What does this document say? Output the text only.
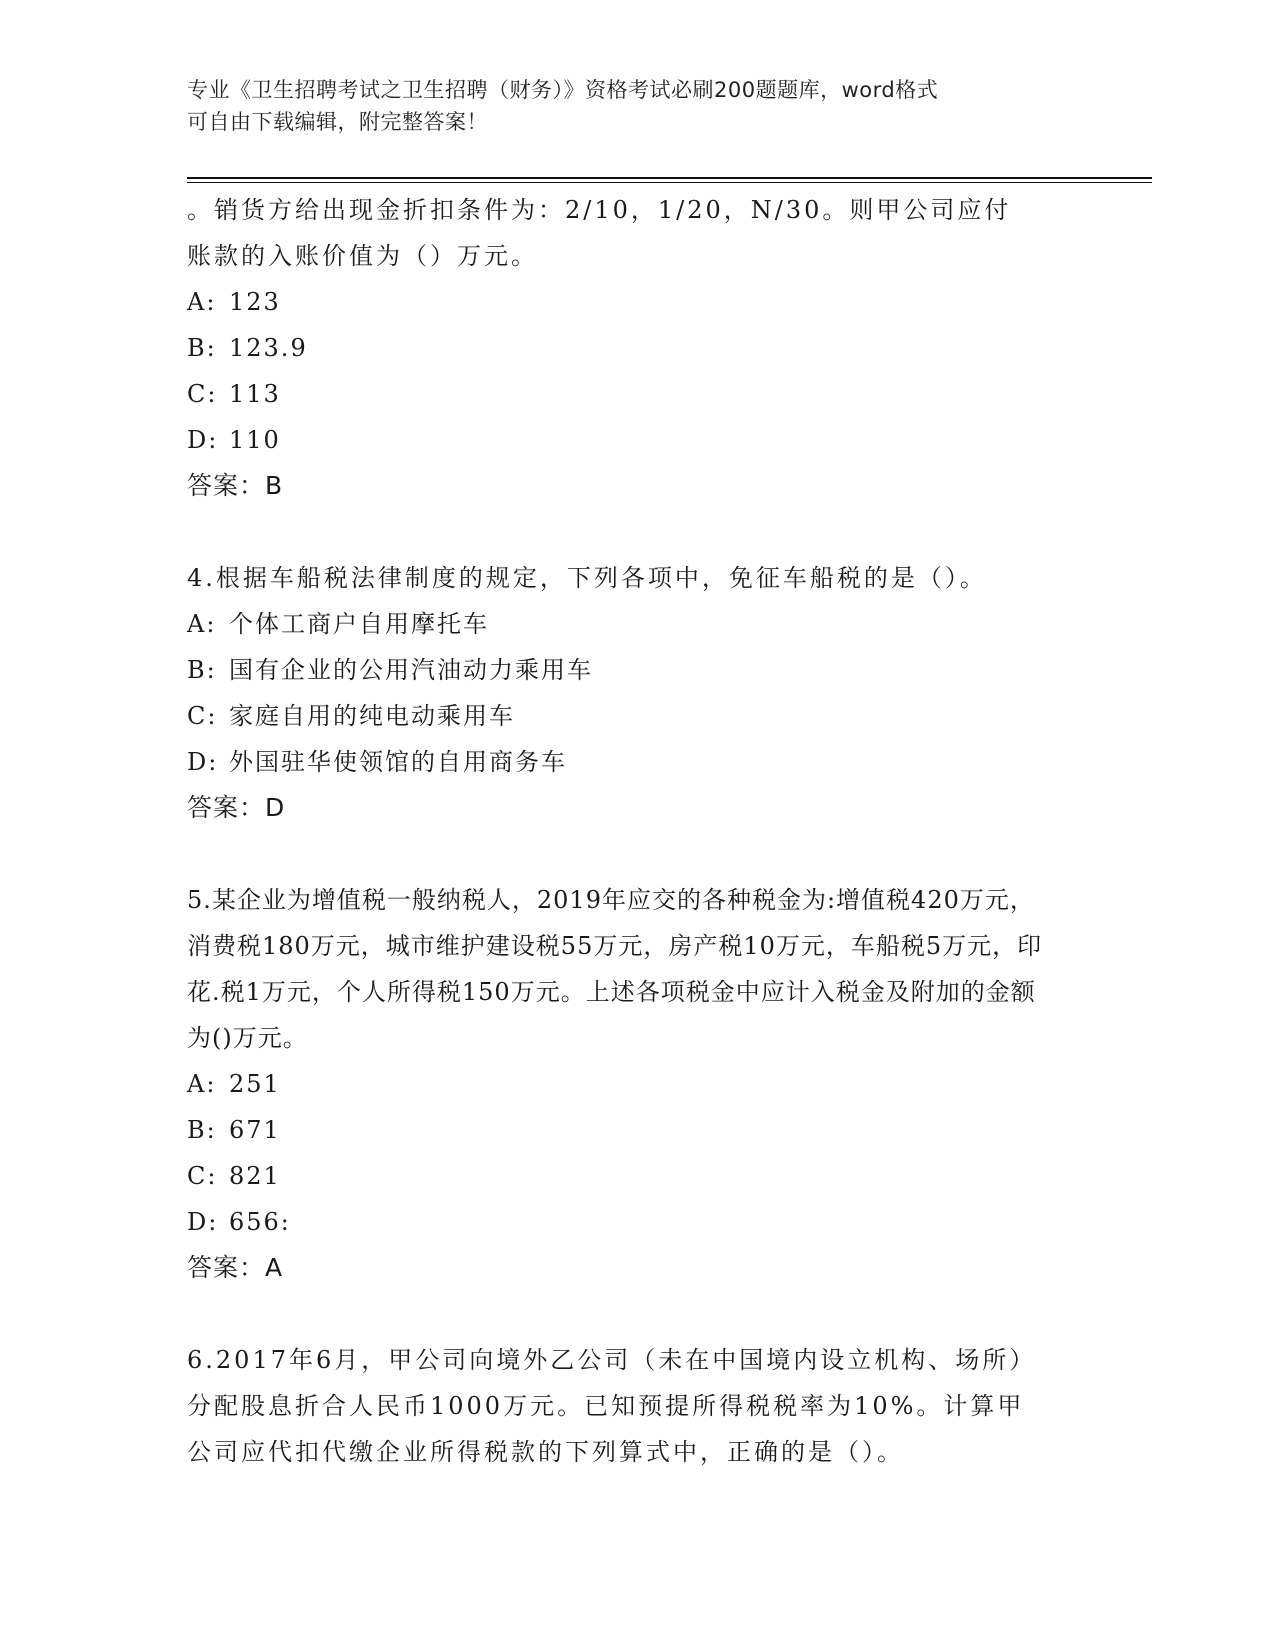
专业《卫生招聘考试之卫生招聘（财务）》资格考试必刷200题题库，word格式
可自由下载编辑，附完整答案！

。销货方给出现金折扣条件为：2/10，1/20，N/30。则甲公司应付账款的入账价值为（）万元。

A: 123

B: 123.9

C: 113

D: 110

答案：B

4.根据车船税法律制度的规定，下列各项中，免征车船税的是（）。

A: 个体工商户自用摩托车

B: 国有企业的公用汽油动力乘用车

C: 家庭自用的纯电动乘用车

D: 外国驻华使领馆的自用商务车

答案：D

5.某企业为增值税一般纳税人，2019年应交的各种税金为:增值税420万元，消费税180万元，城市维护建设税55万元，房产税10万元，车船税5万元，印花.税1万元，个人所得税150万元。上述各项税金中应计入税金及附加的金额为()万元。

A: 251

B: 671

C: 821

D: 656:

答案：A

6.2017年6月，甲公司向境外乙公司（未在中国境内设立机构、场所）分配股息折合人民币1000万元。已知预提所得税税率为10%。计算甲公司应代扣代缴企业所得税款的下列算式中，正确的是（）。
